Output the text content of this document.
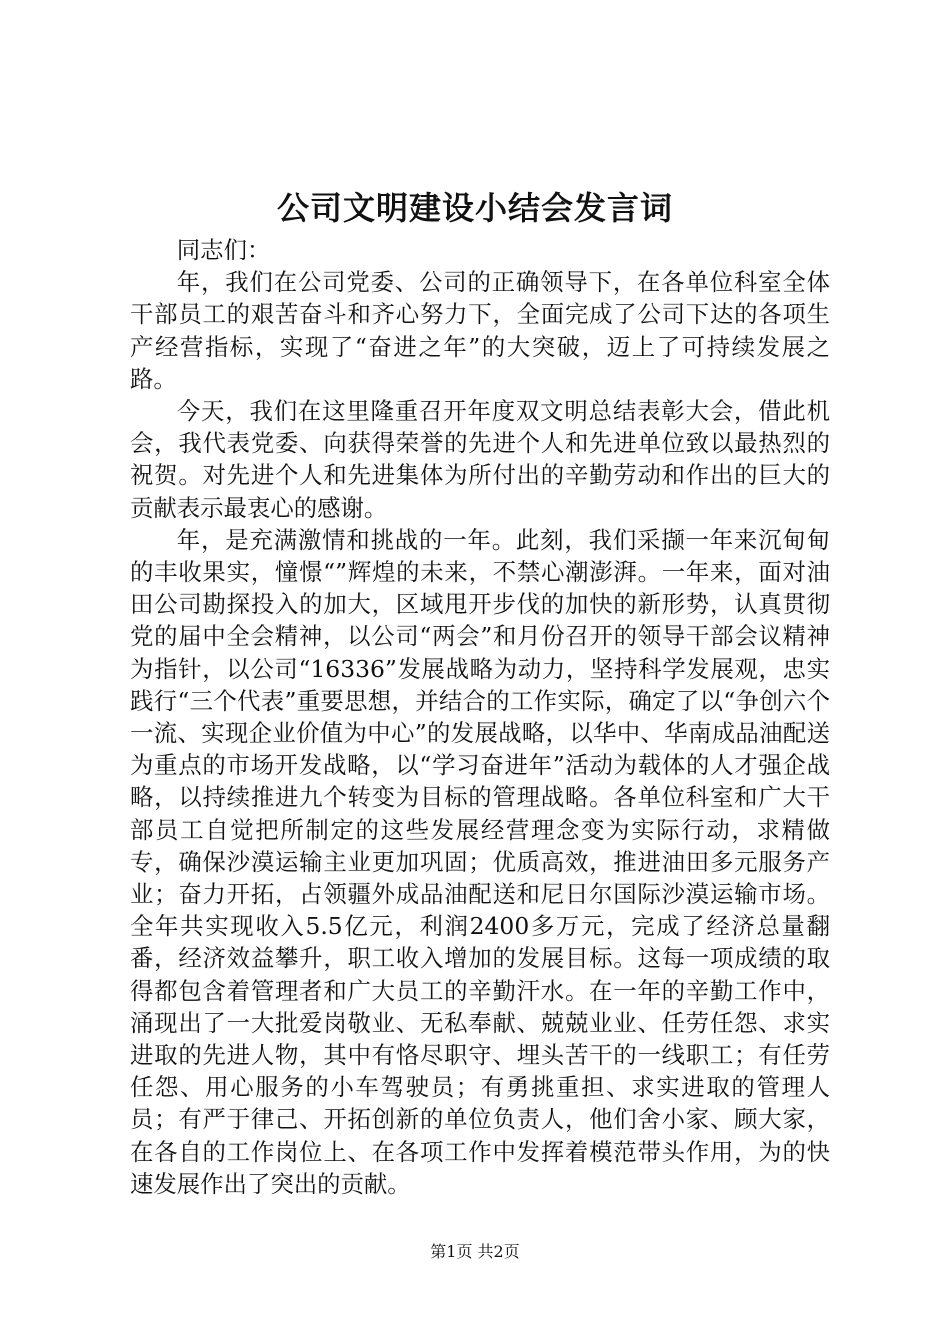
公司文明建设小结会发言词

同志们：

年，我们在公司党委、公司的正确领导下，在各单位科室全体干部员工的艰苦奋斗和齐心努力下，全面完成了公司下达的各项生产经营指标，实现了“奋进之年”的大突破，迈上了可持续发展之路。

今天，我们在这里隆重召开年度双文明总结表彰大会，借此机会，我代表党委、向获得荣誉的先进个人和先进单位致以最热烈的祝贺。对先进个人和先进集体为所付出的辛勤劳动和作出的巨大的贡献表示最衷心的感谢。

年，是充满激情和挑战的一年。此刻，我们采撷一年来沉甸甸的丰收果实，憧憬“”辉煌的未来，不禁心潮澎湃。一年来，面对油田公司勘探投入的加大，区域甩开步伐的加快的新形势，认真贯彻党的届中全会精神，以公司“两会”和月份召开的领导干部会议精神为指针，以公司“16336”发展战略为动力，坚持科学发展观，忠实践行“三个代表”重要思想，并结合的工作实际，确定了以“争创六个一流、实现企业价值为中心”的发展战略，以华中、华南成品油配送为重点的市场开发战略，以“学习奋进年”活动为载体的人才强企战略，以持续推进九个转变为目标的管理战略。各单位科室和广大干部员工自觉把所制定的这些发展经营理念变为实际行动，求精做专，确保沙漠运输主业更加巩固；优质高效，推进油田多元服务产业；奋力开拓，占领疆外成品油配送和尼日尔国际沙漠运输市场。全年共实现收入5.5亿元，利润2400多万元，完成了经济总量翻番，经济效益攀升，职工收入增加的发展目标。这每一项成绩的取得都包含着管理者和广大员工的辛勤汗水。在一年的辛勤工作中，涌现出了一大批爱岗敬业、无私奉献、兢兢业业、任劳任怨、求实进取的先进人物，其中有恪尽职守、埋头苦干的一线职工；有任劳任怨、用心服务的小车驾驶员；有勇挑重担、求实进取的管理人员；有严于律己、开拓创新的单位负责人，他们舍小家、顾大家，在各自的工作岗位上、在各项工作中发挥着模范带头作用，为的快速发展作出了突出的贡献。

第1页 共2页
